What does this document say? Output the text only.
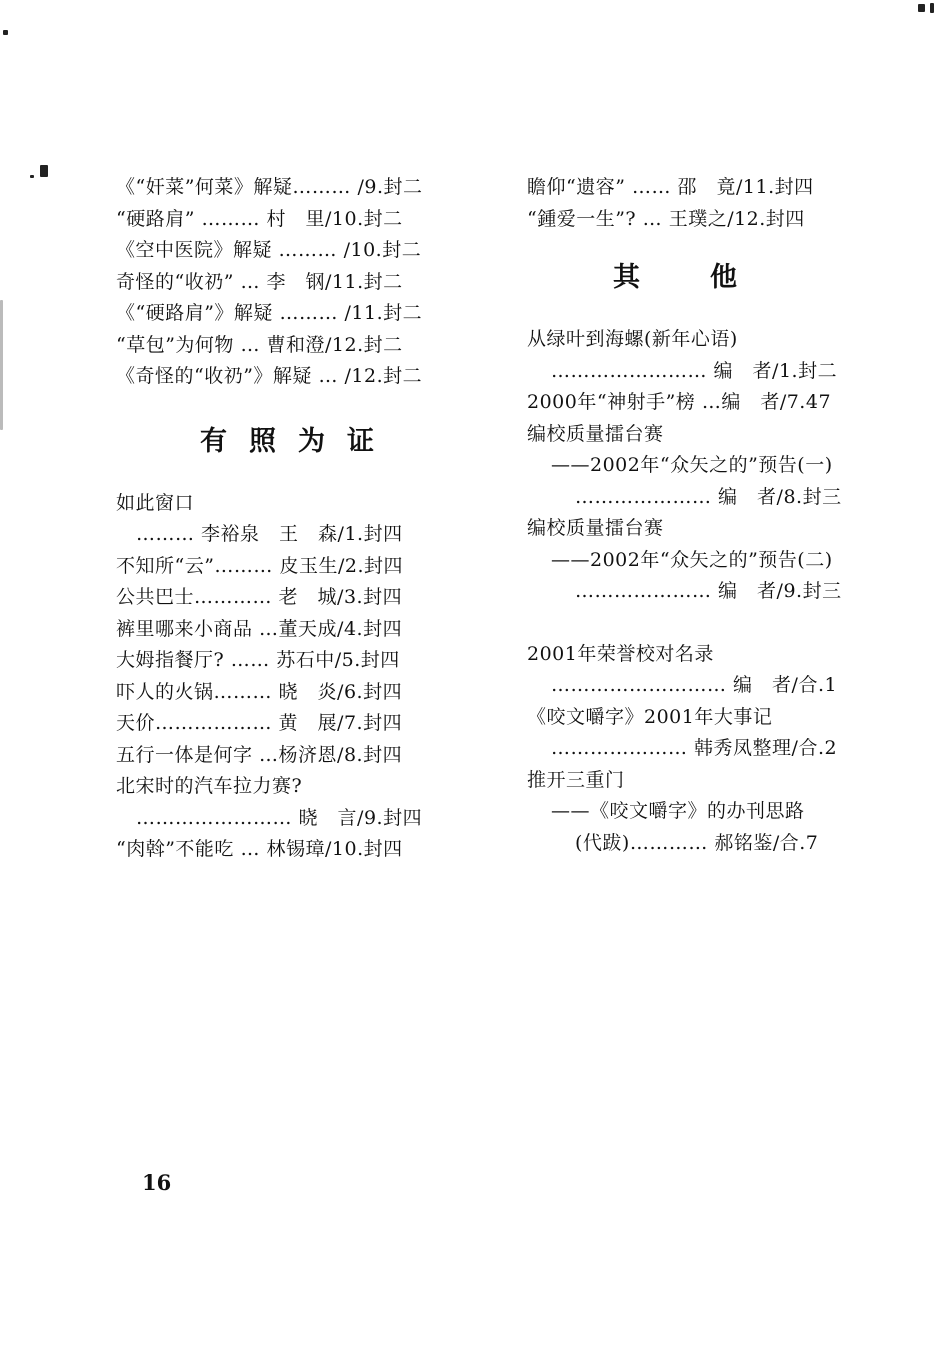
《“奸菜”何菜》解疑……… /9.封二
“硬路肩” ……… 村　里/10.封二
《空中医院》解疑 ……… /10.封二
奇怪的“收礽” … 李　钢/11.封二
《“硬路肩”》解疑 ……… /11.封二
“草包”为何物 … 曹和澄/12.封二
《奇怪的“收礽”》解疑 … /12.封二
有照为证
如此窗口
……… 李裕泉　王　森/1.封四
不知所“云”……… 皮玉生/2.封四
公共巴士………… 老　城/3.封四
裤里哪来小商品 …董天成/4.封四
大姆指餐厅? …… 苏石中/5.封四
吓人的火锅……… 晓　炎/6.封四
天价……………… 黄　展/7.封四
五行一体是何字 …杨济恩/8.封四
北宋时的汽车拉力赛?
…………………… 晓　言/9.封四
“肉斡”不能吃 … 林锡璋/10.封四
瞻仰“遗容” …… 邵　竟/11.封四
“鍾爱一生”? … 王璞之/12.封四
其他
从绿叶到海螺(新年心语)
…………………… 编　者/1.封二
2000年“神射手”榜 …编　者/7.47
编校质量擂台赛
——2002年“众矢之的”预告(一)
………………… 编　者/8.封三
编校质量擂台赛
——2002年“众矢之的”预告(二)
………………… 编　者/9.封三
2001年荣誉校对名录
……………………… 编　者/合.1
《咬文嚼字》2001年大事记
………………… 韩秀凤整理/合.2
推开三重门
——《咬文嚼字》的办刊思路
(代跋)………… 郝铭鉴/合.7
16
